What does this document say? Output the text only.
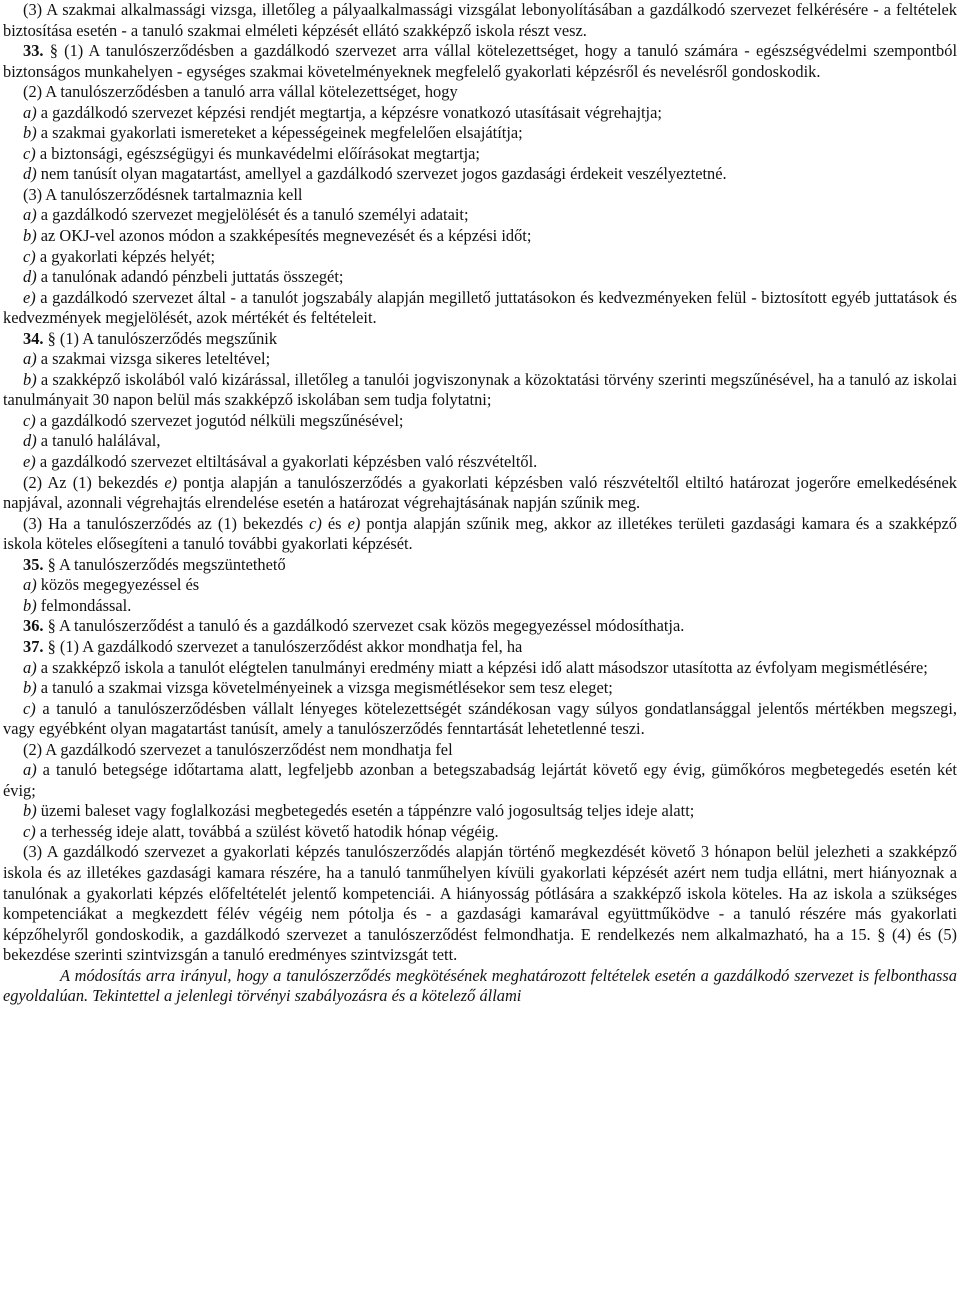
(3) A szakmai alkalmassági vizsga, illetőleg a pályaalkalmassági vizsgálat lebonyolításában a gazdálkodó szervezet felkérésére - a feltételek biztosítása esetén - a tanuló szakmai elméleti képzését ellátó szakképző iskola részt vesz.

33. § (1) A tanulószerződésben a gazdálkodó szervezet arra vállal kötelezettséget, hogy a tanuló számára - egészségvédelmi szempontból biztonságos munkahelyen - egységes szakmai követelményeknek megfelelő gyakorlati képzésről és nevelésről gondoskodik.

(2) A tanulószerződésben a tanuló arra vállal kötelezettséget, hogy

a) a gazdálkodó szervezet képzési rendjét megtartja, a képzésre vonatkozó utasításait végrehajtja;

b) a szakmai gyakorlati ismereteket a képességeinek megfelelően elsajátítja;

c) a biztonsági, egészségügyi és munkavédelmi előírásokat megtartja;

d) nem tanúsít olyan magatartást, amellyel a gazdálkodó szervezet jogos gazdasági érdekeit veszélyeztetné.

(3) A tanulószerződésnek tartalmaznia kell

a) a gazdálkodó szervezet megjelölését és a tanuló személyi adatait;

b) az OKJ-vel azonos módon a szakképesítés megnevezését és a képzési időt;

c) a gyakorlati képzés helyét;

d) a tanulónak adandó pénzbeli juttatás összegét;

e) a gazdálkodó szervezet által - a tanulót jogszabály alapján megillető juttatásokon és kedvezményeken felül - biztosított egyéb juttatások és kedvezmények megjelölését, azok mértékét és feltételeit.

34. § (1) A tanulószerződés megszűnik

a) a szakmai vizsga sikeres leteltével;

b) a szakképző iskolából való kizárással, illetőleg a tanulói jogviszonynak a közoktatási törvény szerinti megszűnésével, ha a tanuló az iskolai tanulmányait 30 napon belül más szakképző iskolában sem tudja folytatni;

c) a gazdálkodó szervezet jogutód nélküli megszűnésével;

d) a tanuló halálával,

e) a gazdálkodó szervezet eltiltásával a gyakorlati képzésben való részvételtől.

(2) Az (1) bekezdés e) pontja alapján a tanulószerződés a gyakorlati képzésben való részvételtől eltiltó határozat jogerőre emelkedésének napjával, azonnali végrehajtás elrendelése esetén a határozat végrehajtásának napján szűnik meg.

(3) Ha a tanulószerződés az (1) bekezdés c) és e) pontja alapján szűnik meg, akkor az illetékes területi gazdasági kamara és a szakképző iskola köteles elősegíteni a tanuló további gyakorlati képzését.

35. § A tanulószerződés megszüntethető

a) közös megegyezéssel és

b) felmondással.

36. § A tanulószerződést a tanuló és a gazdálkodó szervezet csak közös megegyezéssel módosíthatja.

37. § (1) A gazdálkodó szervezet a tanulószerződést akkor mondhatja fel, ha

a) a szakképző iskola a tanulót elégtelen tanulmányi eredmény miatt a képzési idő alatt másodszor utasította az évfolyam megismétlésére;

b) a tanuló a szakmai vizsga követelményeinek a vizsga megismétlésekor sem tesz eleget;

c) a tanuló a tanulószerződésben vállalt lényeges kötelezettségét szándékosan vagy súlyos gondatlansággal jelentős mértékben megszegi, vagy egyébként olyan magatartást tanúsít, amely a tanulószerződés fenntartását lehetetlenné teszi.

(2) A gazdálkodó szervezet a tanulószerződést nem mondhatja fel

a) a tanuló betegsége időtartama alatt, legfeljebb azonban a betegszabadság lejártát követő egy évig, gümőkóros megbetegedés esetén két évig;

b) üzemi baleset vagy foglalkozási megbetegedés esetén a táppénzre való jogosultság teljes ideje alatt;

c) a terhesség ideje alatt, továbbá a szülést követő hatodik hónap végéig.

(3) A gazdálkodó szervezet a gyakorlati képzés tanulószerződés alapján történő megkezdését követő 3 hónapon belül jelezheti a szakképző iskola és az illetékes gazdasági kamara részére, ha a tanuló tanműhelyen kívüli gyakorlati képzését azért nem tudja ellátni, mert hiányoznak a tanulónak a gyakorlati képzés előfeltételét jelentő kompetenciái. A hiányosság pótlására a szakképző iskola köteles. Ha az iskola a szükséges kompetenciákat a megkezdett félév végéig nem pótolja és - a gazdasági kamarával együttműködve - a tanuló részére más gyakorlati képzőhelyről gondoskodik, a gazdálkodó szervezet a tanulószerződést felmondhatja. E rendelkezés nem alkalmazható, ha a 15. § (4) és (5) bekezdése szerinti szintvizsgán a tanuló eredményes szintvizsgát tett.

A módosítás arra irányul, hogy a tanulószerződés megkötésének meghatározott feltételek esetén a gazdálkodó szervezet is felbonthassa egyoldalúan. Tekintettel a jelenlegi törvényi szabályozásra és a kötelező állami
